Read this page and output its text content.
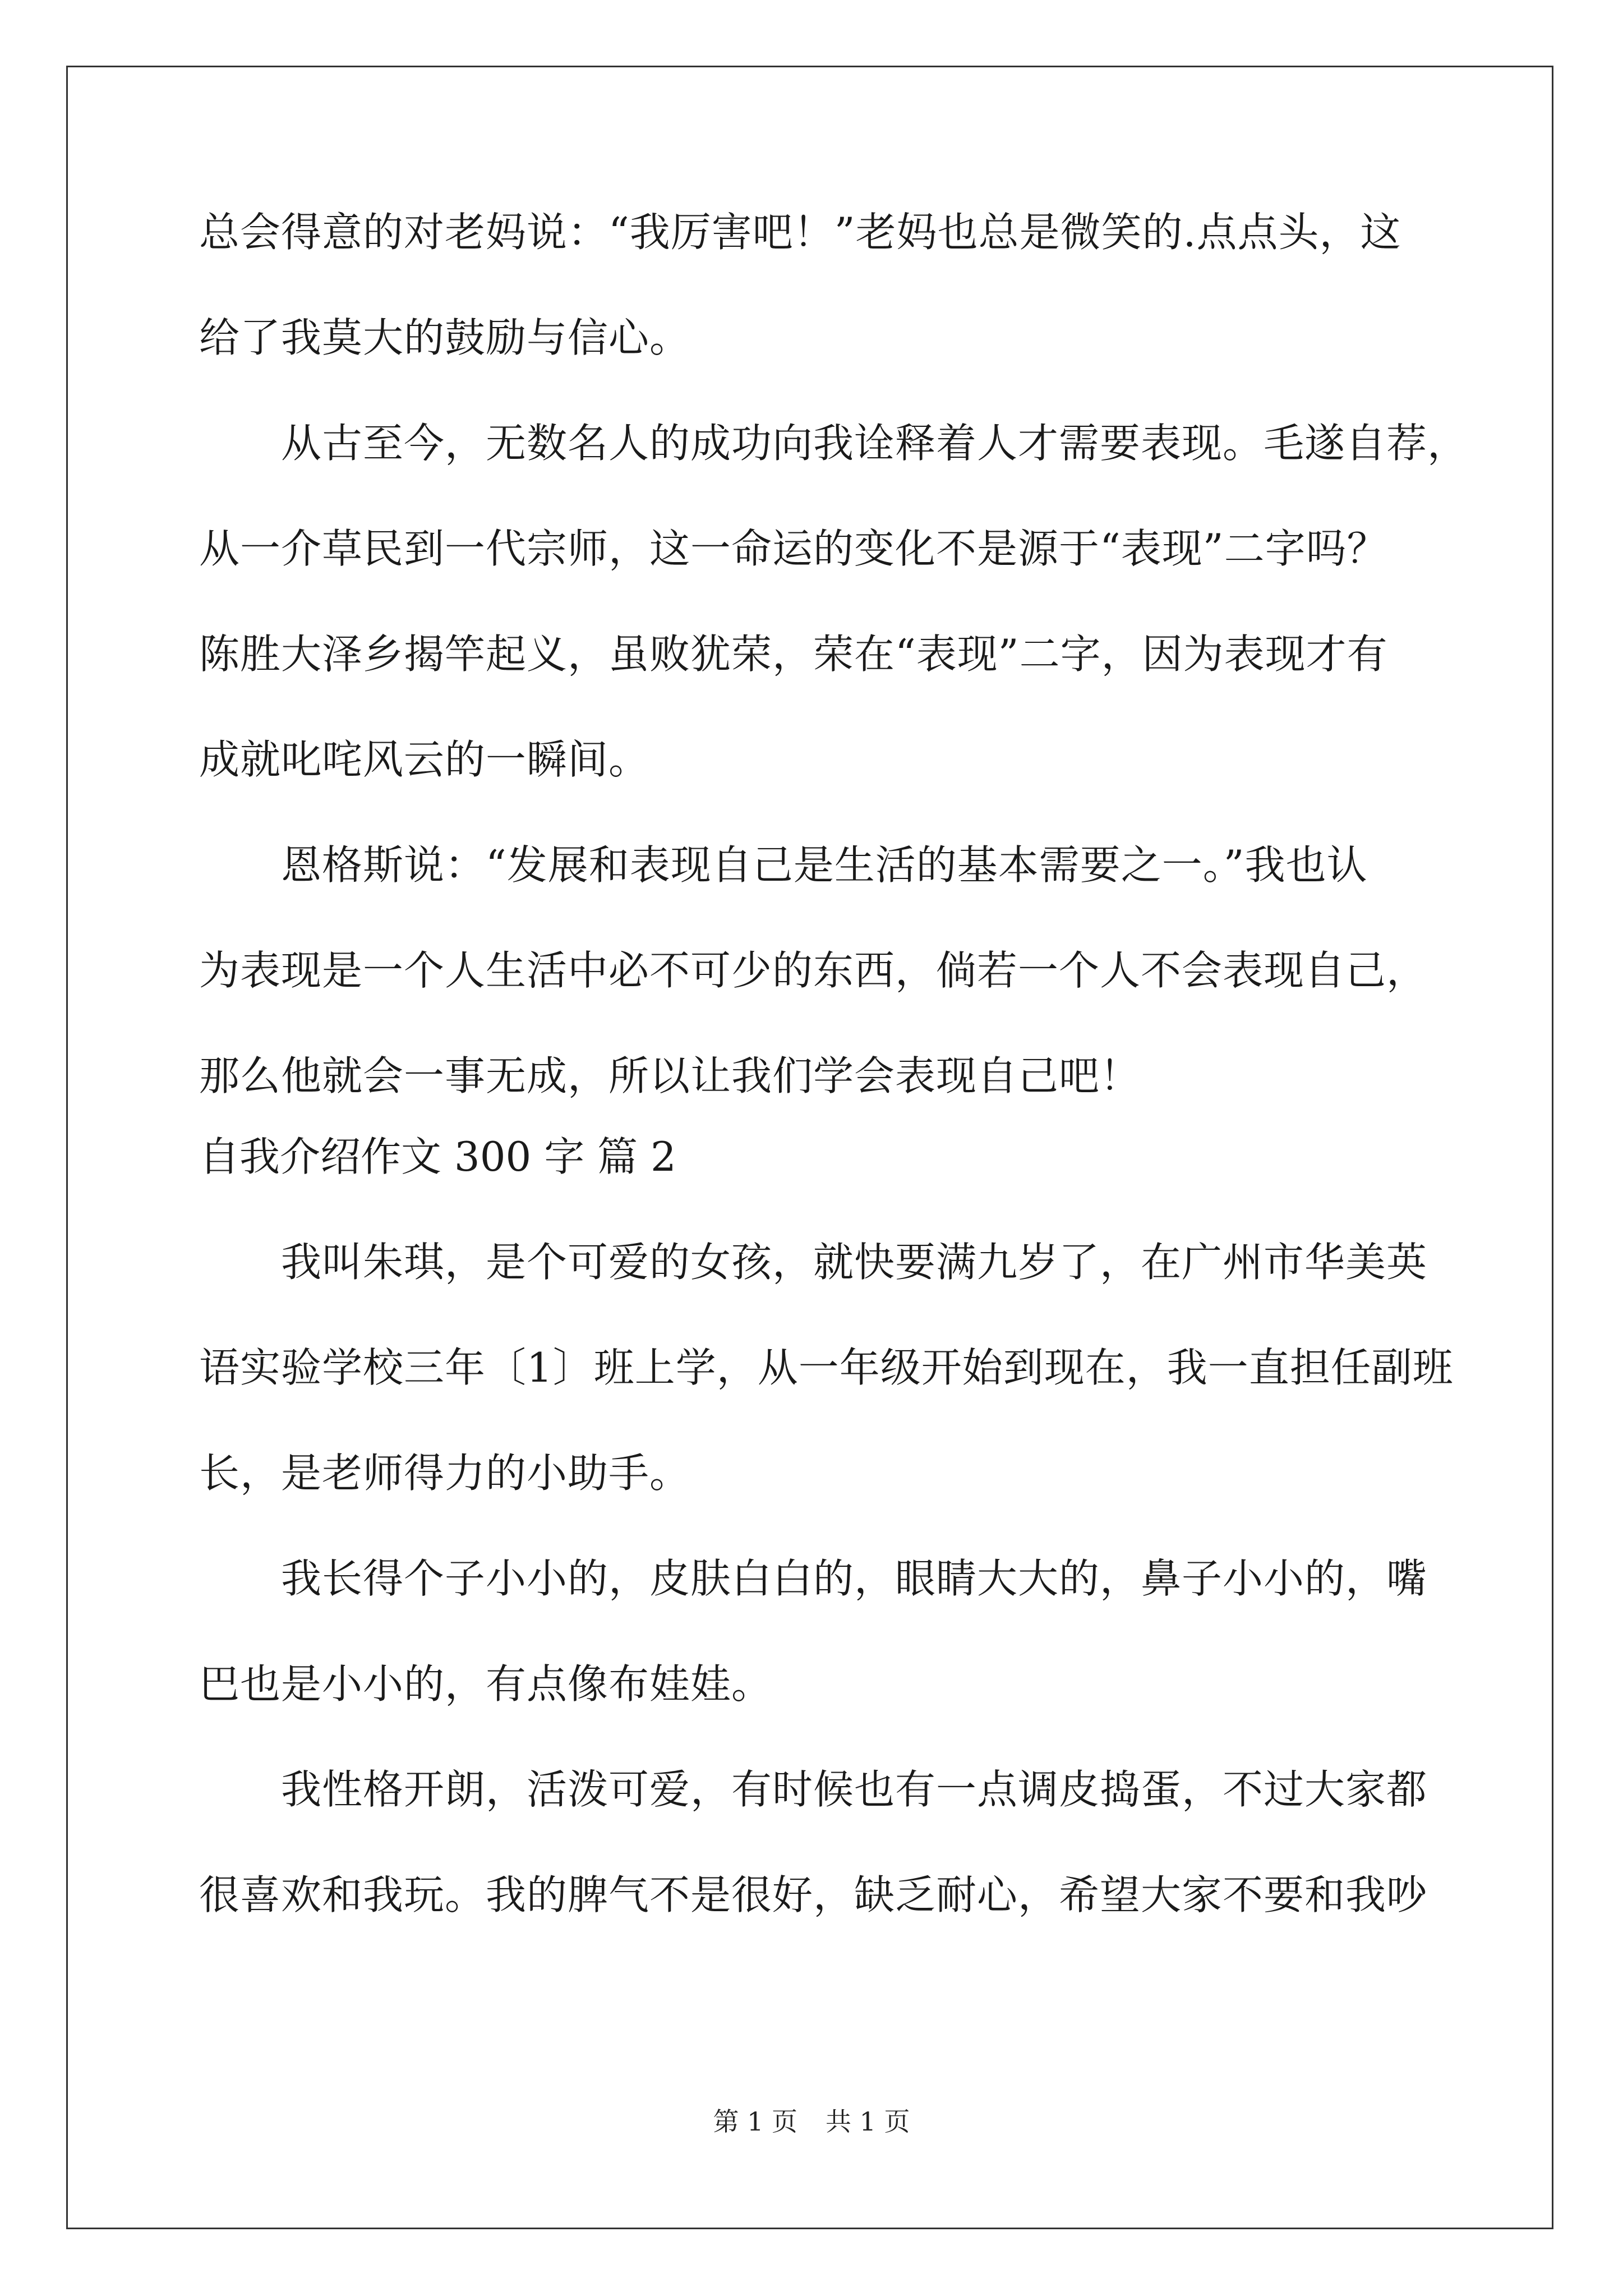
总会得意的对老妈说：“我厉害吧！”老妈也总是微笑的.点点头，这
给了我莫大的鼓励与信心。
　　从古至今，无数名人的成功向我诠释着人才需要表现。毛遂自荐，
从一介草民到一代宗师，这一命运的变化不是源于“表现”二字吗？
陈胜大泽乡揭竿起义，虽败犹荣，荣在“表现”二字，因为表现才有
成就叱咤风云的一瞬间。
　　恩格斯说：“发展和表现自己是生活的基本需要之一。”我也认
为表现是一个人生活中必不可少的东西，倘若一个人不会表现自己，
那么他就会一事无成，所以让我们学会表现自己吧！
自我介绍作文 300 字 篇 2
　　我叫朱琪，是个可爱的女孩，就快要满九岁了，在广州市华美英
语实验学校三年〔1〕班上学，从一年级开始到现在，我一直担任副班
长，是老师得力的小助手。
　　我长得个子小小的，皮肤白白的，眼睛大大的，鼻子小小的，嘴
巴也是小小的，有点像布娃娃。
　　我性格开朗，活泼可爱，有时候也有一点调皮捣蛋，不过大家都
很喜欢和我玩。我的脾气不是很好，缺乏耐心，希望大家不要和我吵
第 1 页 共 1 页
